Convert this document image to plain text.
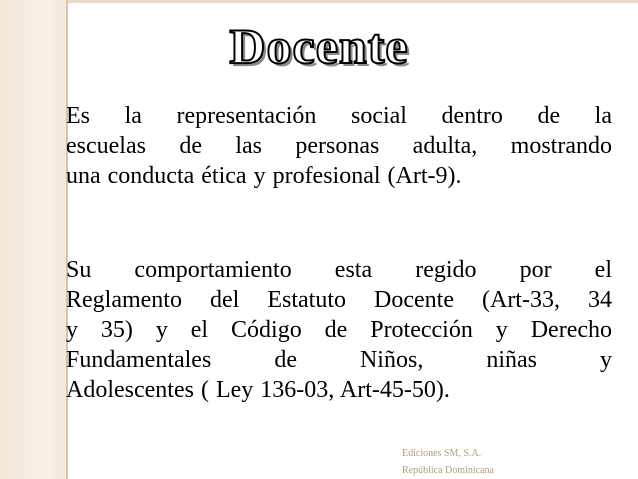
Docente

Es la representación social dentro de la
escuelas de las personas adulta, mostrando
una conducta ética y profesional (Art-9).

Su comportamiento esta regido por el
Reglamento del Estatuto Docente (Art-33, 34
y 35) y el Código de Protección y Derecho
Fundamentales de Niños, niñas y
Adolescentes ( Ley 136-03, Art-45-50).

Ediciones SM, S.A.
República Dominicana
